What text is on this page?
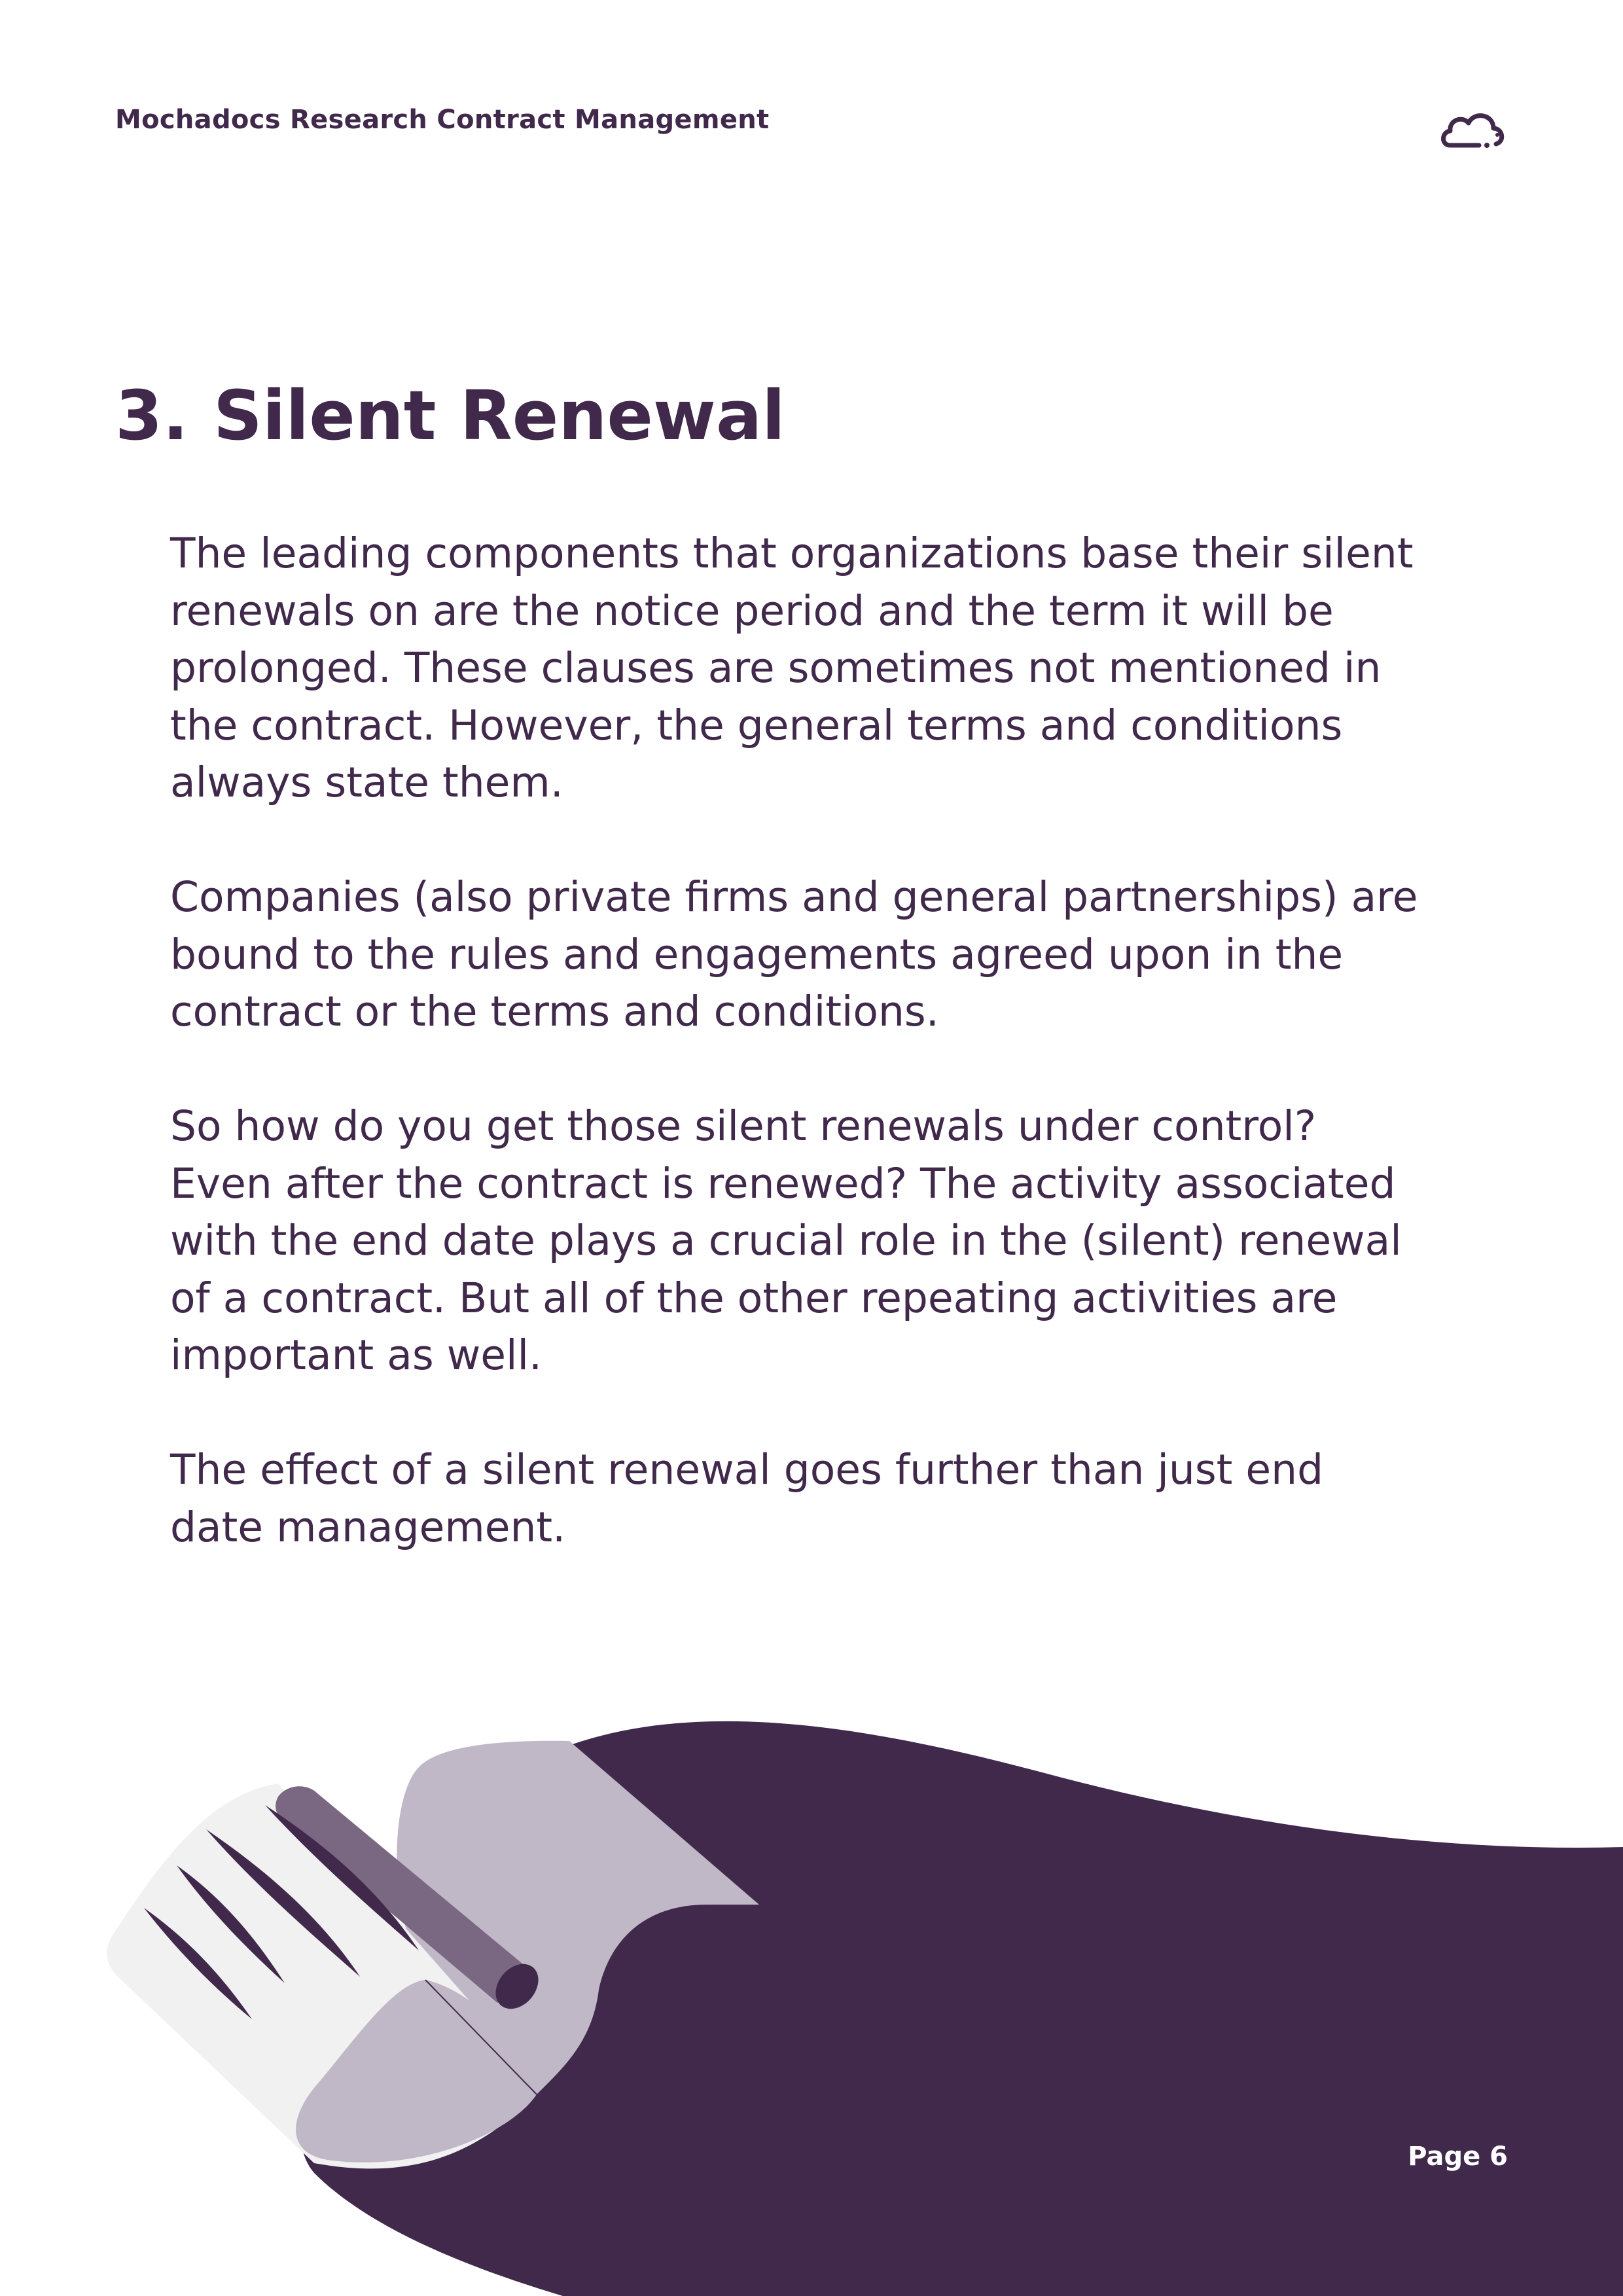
Mochadocs Research Contract Management
3. Silent Renewal

The leading components that organizations base their silent renewals on are the notice period and the term it will be prolonged. These clauses are sometimes not mentioned in the contract. However, the general terms and conditions always state them.

Companies (also private firms and general partnerships) are bound to the rules and engagements agreed upon in the contract or the terms and conditions.

So how do you get those silent renewals under control? Even after the contract is renewed? The activity associated with the end date plays a crucial role in the (silent) renewal of a contract. But all of the other repeating activities are important as well.

The effect of a silent renewal goes further than just end date management.

Page 6
